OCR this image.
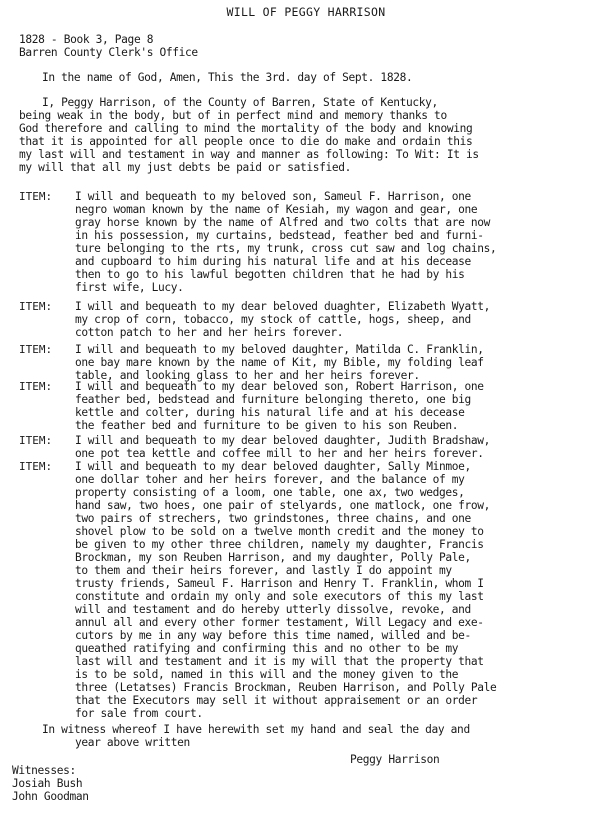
WILL OF PEGGY HARRISON
1828 - Book 3, Page 8
Barren County Clerk's Office
In the name of God, Amen, This the 3rd. day of Sept. 1828.
I, Peggy Harrison, of the County of Barren, State of Kentucky,
being weak in the body, but of in perfect mind and memory thanks to
God therefore and calling to mind the mortality of the body and knowing
that it is appointed for all people once to die do make and ordain this
my last will and testament in way and manner as following: To Wit: It is
my will that all my just debts be paid or satisfied.
ITEM: I will and bequeath to my beloved son, Sameul F. Harrison, one
negro woman known by the name of Kesiah, my wagon and gear, one
gray horse known by the name of Alfred and two colts that are now
in his possession, my curtains, bedstead, feather bed and furni-
ture belonging to the rts, my trunk, cross cut saw and log chains,
and cupboard to him during his natural life and at his decease
then to go to his lawful begotten children that he had by his
first wife, Lucy.
ITEM: I will and bequeath to my dear beloved duaghter, Elizabeth Wyatt,
my crop of corn, tobacco, my stock of cattle, hogs, sheep, and
cotton patch to her and her heirs forever.
ITEM: I will and bequeath to my beloved daughter, Matilda C. Franklin,
one bay mare known by the name of Kit, my Bible, my folding leaf
table, and looking glass to her and her heirs forever.
ITEM: I will and bequeath to my dear beloved son, Robert Harrison, one
feather bed, bedstead and furniture belonging thereto, one big
kettle and colter, during his natural life and at his decease
the feather bed and furniture to be given to his son Reuben.
ITEM: I will and bequeath to my dear beloved daughter, Judith Bradshaw,
one pot tea kettle and coffee mill to her and her heirs forever.
ITEM: I will and bequeath to my dear beloved daughter, Sally Minmoe,
one dollar toher and her heirs forever, and the balance of my
property consisting of a loom, one table, one ax, two wedges,
hand saw, two hoes, one pair of stelyards, one matlock, one frow,
two pairs of strechers, two grindstones, three chains, and one
shovel plow to be sold on a twelve month credit and the money to
be given to my other three children, namely my daughter, Francis
Brockman, my son Reuben Harrison, and my daughter, Polly Pale,
to them and their heirs forever, and lastly I do appoint my
trusty friends, Sameul F. Harrison and Henry T. Franklin, whom I
constitute and ordain my only and sole executors of this my last
will and testament and do hereby utterly dissolve, revoke, and
annul all and every other former testament, Will Legacy and exe-
cutors by me in any way before this time named, willed and be-
queathed ratifying and confirming this and no other to be my
last will and testament and it is my will that the property that
is to be sold, named in this will and the money given to the
three (Letatses) Francis Brockman, Reuben Harrison, and Polly Pale
that the Executors may sell it without appraisement or an order
for sale from court.
In witness whereof I have herewith set my hand and seal the day and
year above written
Peggy Harrison
Witnesses:
Josiah Bush
John Goodman
